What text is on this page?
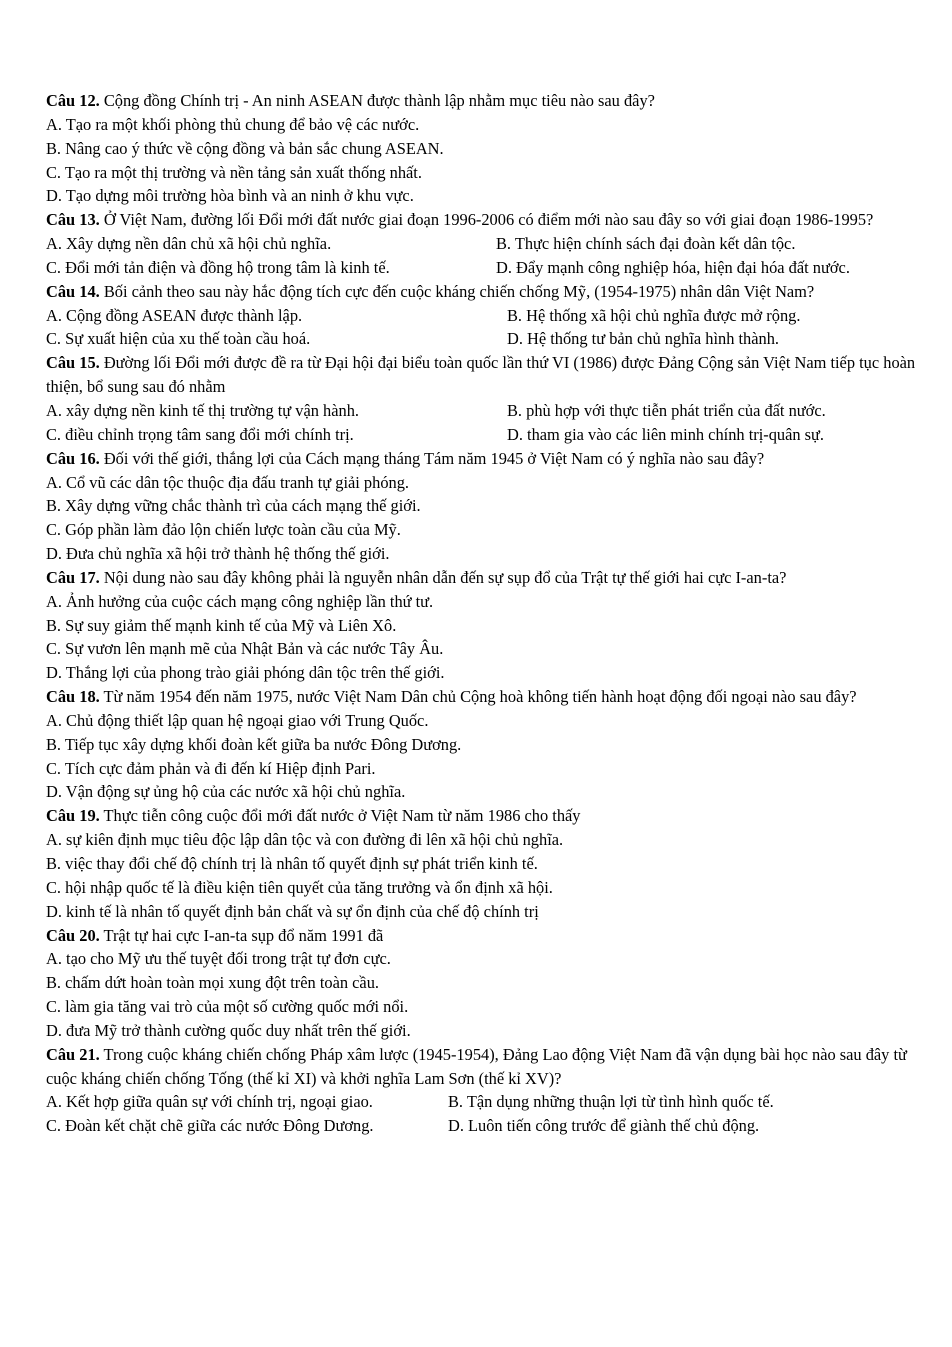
Câu 12. Cộng đồng Chính trị - An ninh ASEAN được thành lập nhằm mục tiêu nào sau đây?
A. Tạo ra một khối phòng thủ chung để bảo vệ các nước.
B. Nâng cao ý thức về cộng đồng và bản sắc chung ASEAN.
C. Tạo ra một thị trường và nền tảng sản xuất thống nhất.
D. Tạo dựng môi trường hòa bình và an ninh ở khu vực.
Câu 13. Ở Việt Nam, đường lối Đổi mới đất nước giai đoạn 1996-2006 có điểm mới nào sau đây so với giai đoạn 1986-1995?
A. Xây dựng nền dân chủ xã hội chủ nghĩa.	B. Thực hiện chính sách đại đoàn kết dân tộc.
C. Đổi mới tản điện và đồng hộ trong tâm là kinh tế.	D. Đẩy mạnh công nghiệp hóa, hiện đại hóa đất nước.
Câu 14. Bối cảnh theo sau này hắc động tích cực đến cuộc kháng chiến chống Mỹ, (1954-1975) nhân dân Việt Nam?
A. Cộng đồng ASEAN được thành lập.	B. Hệ thống xã hội chủ nghĩa được mở rộng.
C. Sự xuất hiện của xu thế toàn cầu hoá.	D. Hệ thống tư bản chủ nghĩa hình thành.
Câu 15. Đường lối Đổi mới được đề ra từ Đại hội đại biểu toàn quốc lần thứ VI (1986) được Đảng Cộng sản Việt Nam tiếp tục hoàn thiện, bổ sung sau đó nhằm
A. xây dựng nền kinh tế thị trường tự vận hành.	B. phù hợp với thực tiễn phát triển của đất nước.
C. điều chỉnh trọng tâm sang đổi mới chính trị.	D. tham gia vào các liên minh chính trị-quân sự.
Câu 16. Đối với thế giới, thắng lợi của Cách mạng tháng Tám năm 1945 ở Việt Nam có ý nghĩa nào sau đây?
A. Cổ vũ các dân tộc thuộc địa đấu tranh tự giải phóng.
B. Xây dựng vững chắc thành trì của cách mạng thế giới.
C. Góp phần làm đảo lộn chiến lược toàn cầu của Mỹ.
D. Đưa chủ nghĩa xã hội trở thành hệ thống thế giới.
Câu 17. Nội dung nào sau đây không phải là nguyễn nhân dẫn đến sự sụp đổ của Trật tự thế giới hai cực I-an-ta?
A. Ảnh hưởng của cuộc cách mạng công nghiệp lần thứ tư.
B. Sự suy giảm thế mạnh kinh tế của Mỹ và Liên Xô.
C. Sự vươn lên mạnh mẽ của Nhật Bản và các nước Tây Âu.
D. Thắng lợi của phong trào giải phóng dân tộc trên thế giới.
Câu 18. Từ năm 1954 đến năm 1975, nước Việt Nam Dân chủ Cộng hoà không tiến hành hoạt động đối ngoại nào sau đây?
A. Chủ động thiết lập quan hệ ngoại giao với Trung Quốc.
B. Tiếp tục xây dựng khối đoàn kết giữa ba nước Đông Dương.
C. Tích cực đảm phản và đi đến kí Hiệp định Pari.
D. Vận động sự ủng hộ của các nước xã hội chủ nghĩa.
Câu 19. Thực tiễn công cuộc đổi mới đất nước ở Việt Nam từ năm 1986 cho thấy
A. sự kiên định mục tiêu độc lập dân tộc và con đường đi lên xã hội chủ nghĩa.
B. việc thay đổi chế độ chính trị là nhân tố quyết định sự phát triển kinh tế.
C. hội nhập quốc tế là điều kiện tiên quyết của tăng trưởng và ổn định xã hội.
D. kinh tế là nhân tố quyết định bản chất và sự ổn định của chế độ chính trị
Câu 20. Trật tự hai cực I-an-ta sụp đổ năm 1991 đã
A. tạo cho Mỹ ưu thế tuyệt đối trong trật tự đơn cực.
B. chấm dứt hoàn toàn mọi xung đột trên toàn cầu.
C. làm gia tăng vai trò của một số cường quốc mới nổi.
D. đưa Mỹ trở thành cường quốc duy nhất trên thế giới.
Câu 21. Trong cuộc kháng chiến chống Pháp xâm lược (1945-1954), Đảng Lao động Việt Nam đã vận dụng bài học nào sau đây từ cuộc kháng chiến chống Tống (thế kỉ XI) và khởi nghĩa Lam Sơn (thế kỉ XV)?
A. Kết hợp giữa quân sự với chính trị, ngoại giao.	B. Tận dụng những thuận lợi từ tình hình quốc tế.
C. Đoàn kết chặt chẽ giữa các nước Đông Dương.	D. Luôn tiến công trước để giành thế chủ động.
